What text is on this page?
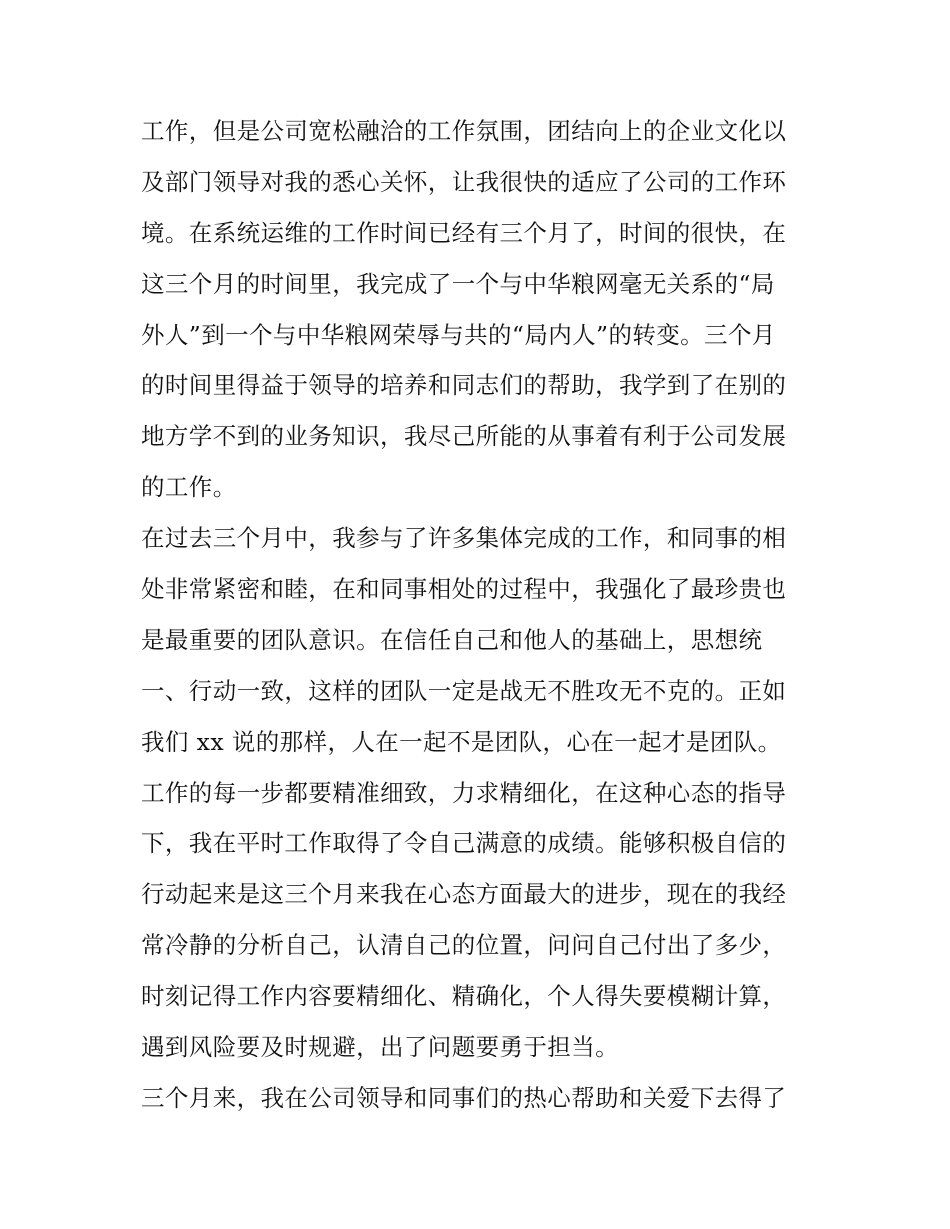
工作，但是公司宽松融洽的工作氛围，团结向上的企业文化以
及部门领导对我的悉心关怀，让我很快的适应了公司的工作环
境。在系统运维的工作时间已经有三个月了，时间的很快，在
这三个月的时间里，我完成了一个与中华粮网毫无关系的“局
外人”到一个与中华粮网荣辱与共的“局内人”的转变。三个月
的时间里得益于领导的培养和同志们的帮助，我学到了在别的
地方学不到的业务知识，我尽己所能的从事着有利于公司发展
的工作。
在过去三个月中，我参与了许多集体完成的工作，和同事的相
处非常紧密和睦，在和同事相处的过程中，我强化了最珍贵也
是最重要的团队意识。在信任自己和他人的基础上，思想统
一、行动一致，这样的团队一定是战无不胜攻无不克的。正如
我们 xx 说的那样，人在一起不是团队，心在一起才是团队。
工作的每一步都要精准细致，力求精细化，在这种心态的指导
下，我在平时工作取得了令自己满意的成绩。能够积极自信的
行动起来是这三个月来我在心态方面最大的进步，现在的我经
常冷静的分析自己，认清自己的位置，问问自己付出了多少，
时刻记得工作内容要精细化、精确化，个人得失要模糊计算，
遇到风险要及时规避，出了问题要勇于担当。
三个月来，我在公司领导和同事们的热心帮助和关爱下去得了
